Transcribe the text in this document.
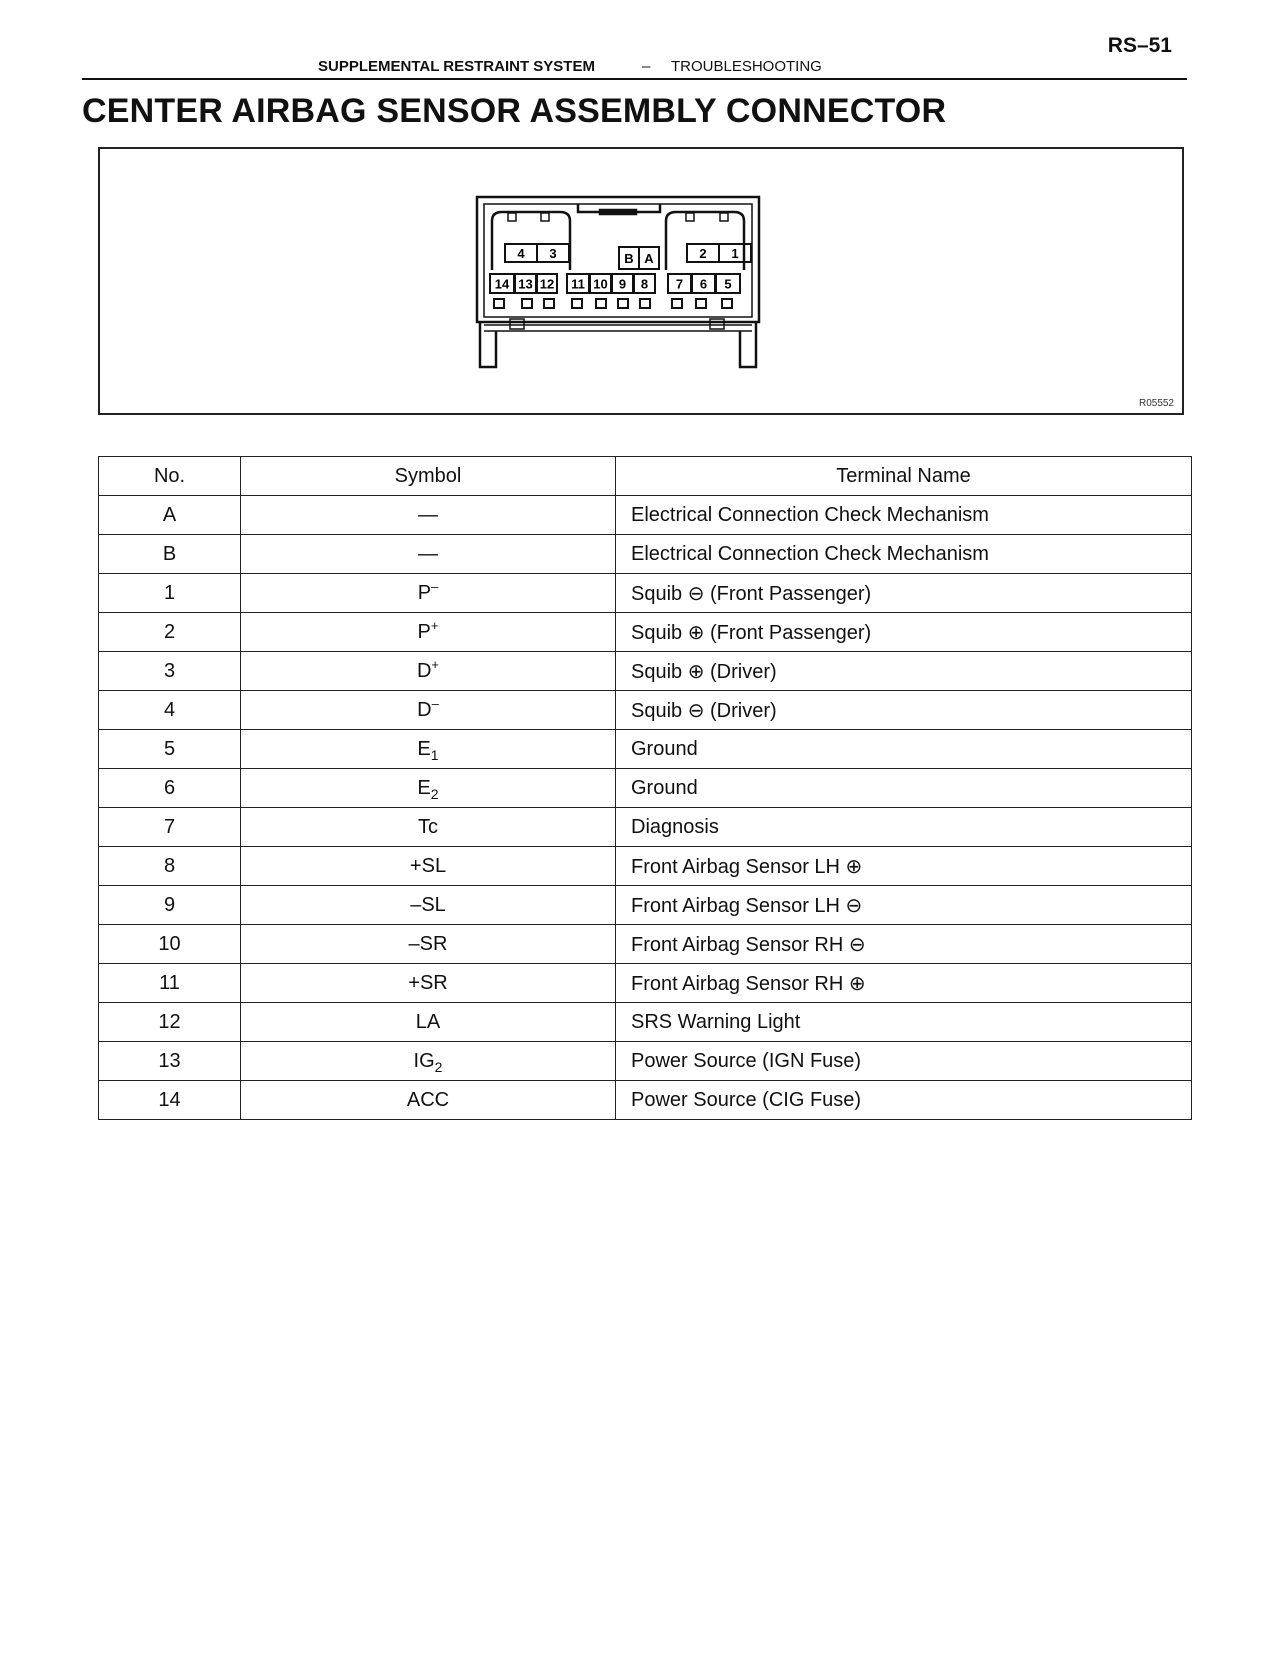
RS–51
SUPPLEMENTAL RESTRAINT SYSTEM	– TROUBLESHOOTING
CENTER AIRBAG SENSOR ASSEMBLY CONNECTOR
4 3	B A	2 1
14 13 12 11 10 9 8 7 6 5
R05552
No.	Symbol	Terminal Name
A	—	Electrical Connection Check Mechanism
B	—	Electrical Connection Check Mechanism
1	P–	Squib ⊖ (Front Passenger)
2	P+	Squib ⊕ (Front Passenger)
3	D+	Squib ⊕ (Driver)
4	D–	Squib ⊖ (Driver)
5	$E_1$	Ground
6	$E_2$	Ground
7	Tc	Diagnosis
8	+SL	Front Airbag Sensor LH ⊕
9	–SL	Front Airbag Sensor LH ⊖
10	–SR	Front Airbag Sensor RH ⊖
11	+SR	Front Airbag Sensor RH ⊕
12	LA	SRS Warning Light
13	$IG_2$	Power Source (IGN Fuse)
14	ACC	Power Source (CIG Fuse)
